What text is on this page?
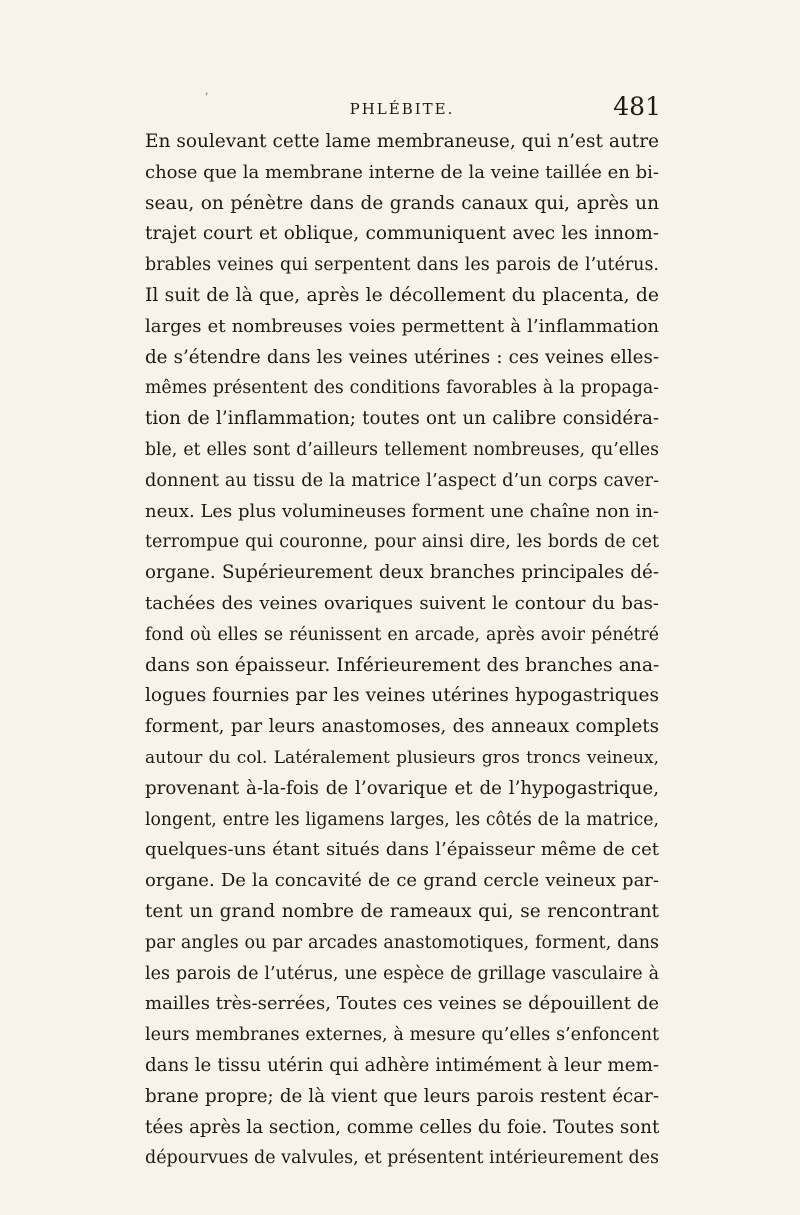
,
PHLÉBITE.	481
En soulevant cette lame membraneuse, qui n’est autre
chose que la membrane interne de la veine taillée en bi-
seau, on pénètre dans de grands canaux qui, après un
trajet court et oblique, communiquent avec les innom-
brables veines qui serpentent dans les parois de l’utérus.
Il suit de là que, après le décollement du placenta, de
larges et nombreuses voies permettent à l’inflammation
de s’étendre dans les veines utérines : ces veines elles-
mêmes présentent des conditions favorables à la propaga-
tion de l’inflammation; toutes ont un calibre considéra-
ble, et elles sont d’ailleurs tellement nombreuses, qu’elles
donnent au tissu de la matrice l’aspect d’un corps caver-
neux. Les plus volumineuses forment une chaîne non in-
terrompue qui couronne, pour ainsi dire, les bords de cet
organe. Supérieurement deux branches principales dé-
tachées des veines ovariques suivent le contour du bas-
fond où elles se réunissent en arcade, après avoir pénétré
dans son épaisseur. Inférieurement des branches ana-
logues fournies par les veines utérines hypogastriques
forment, par leurs anastomoses, des anneaux complets
autour du col. Latéralement plusieurs gros troncs veineux,
provenant à-la-fois de l’ovarique et de l’hypogastrique,
longent, entre les ligamens larges, les côtés de la matrice,
quelques-uns étant situés dans l’épaisseur même de cet
organe. De la concavité de ce grand cercle veineux par-
tent un grand nombre de rameaux qui, se rencontrant
par angles ou par arcades anastomotiques, forment, dans
les parois de l’utérus, une espèce de grillage vasculaire à
mailles très-serrées, Toutes ces veines se dépouillent de
leurs membranes externes, à mesure qu’elles s’enfoncent
dans le tissu utérin qui adhère intimément à leur mem-
brane propre; de là vient que leurs parois restent écar-
tées après la section, comme celles du foie. Toutes sont
dépourvues de valvules, et présentent intérieurement des
